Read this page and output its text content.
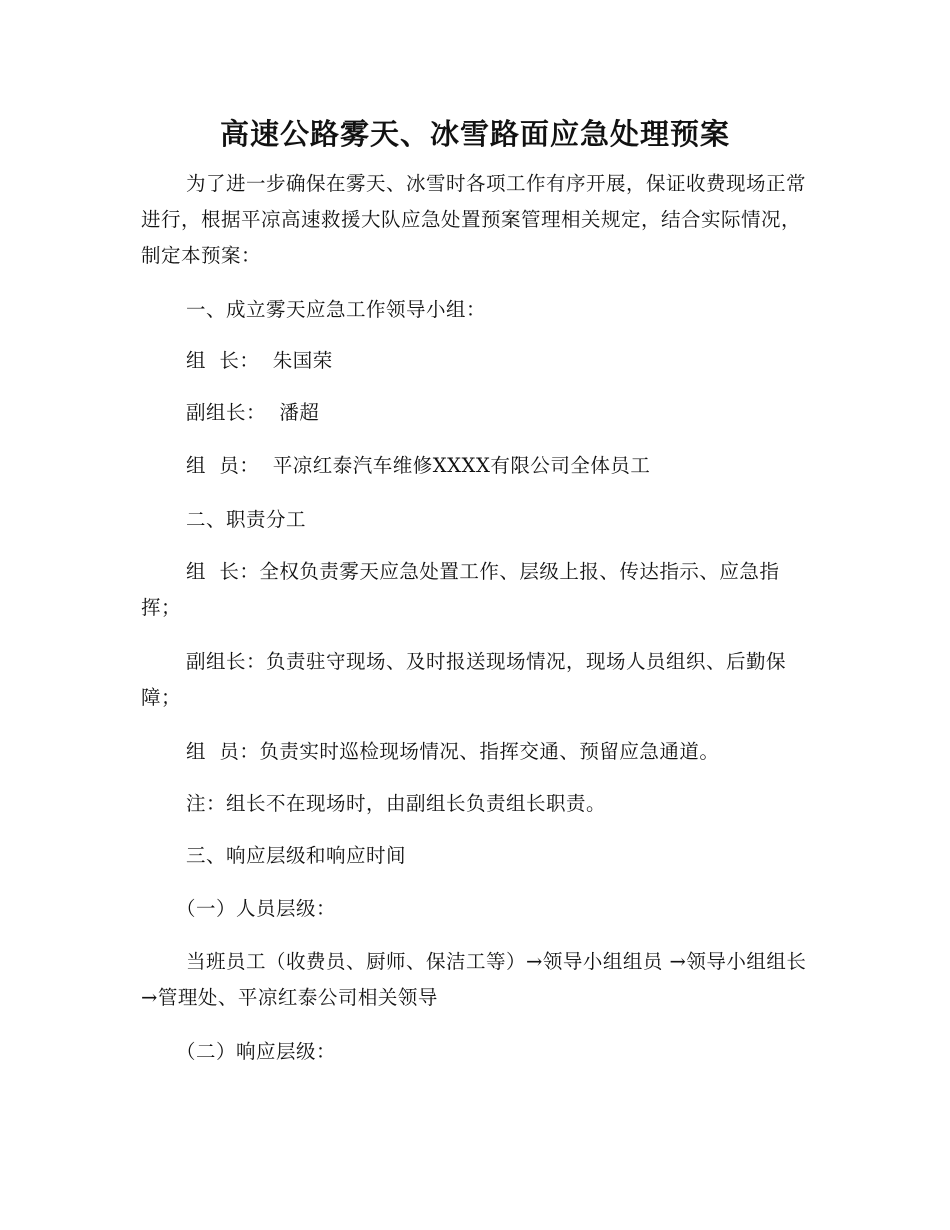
高速公路雾天、冰雪路面应急处理预案

为了进一步确保在雾天、冰雪时各项工作有序开展，保证收费现场正常进行，根据平凉高速救援大队应急处置预案管理相关规定，结合实际情况，制定本预案：

一、成立雾天应急工作领导小组：

组  长：  朱国荣

副组长：  潘超

组  员：  平凉红泰汽车维修XXXX有限公司全体员工

二、职责分工

组  长：全权负责雾天应急处置工作、层级上报、传达指示、应急指挥；

副组长：负责驻守现场、及时报送现场情况，现场人员组织、后勤保障；

组  员：负责实时巡检现场情况、指挥交通、预留应急通道。

注：组长不在现场时，由副组长负责组长职责。

三、响应层级和响应时间

（一）人员层级：

当班员工（收费员、厨师、保洁工等）→领导小组组员 →领导小组组长→管理处、平凉红泰公司相关领导

（二）响应层级：
